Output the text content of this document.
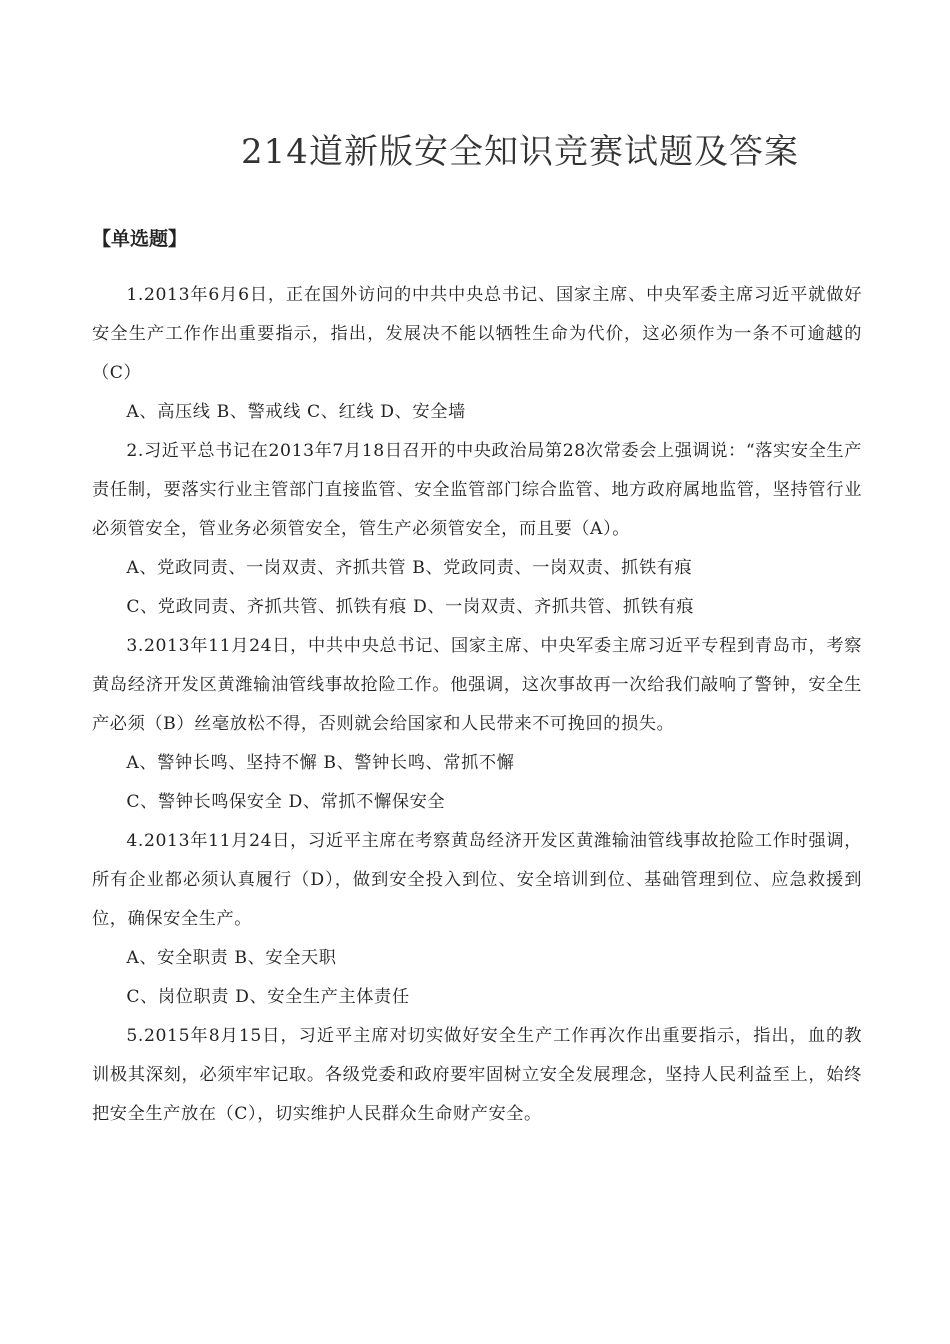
214道新版安全知识竞赛试题及答案
【单选题】

1.2013年6月6日，正在国外访问的中共中央总书记、国家主席、中央军委主席习近平就做好安全生产工作作出重要指示，指出，发展决不能以牺牲生命为代价，这必须作为一条不可逾越的（C）

A、高压线 B、警戒线 C、红线 D、安全墙

2.习近平总书记在2013年7月18日召开的中央政治局第28次常委会上强调说：“落实安全生产责任制，要落实行业主管部门直接监管、安全监管部门综合监管、地方政府属地监管，坚持管行业必须管安全，管业务必须管安全，管生产必须管安全，而且要（A）。

A、党政同责、一岗双责、齐抓共管 B、党政同责、一岗双责、抓铁有痕

C、党政同责、齐抓共管、抓铁有痕 D、一岗双责、齐抓共管、抓铁有痕

3.2013年11月24日，中共中央总书记、国家主席、中央军委主席习近平专程到青岛市，考察黄岛经济开发区黄潍输油管线事故抢险工作。他强调，这次事故再一次给我们敲响了警钟，安全生产必须（B）丝毫放松不得，否则就会给国家和人民带来不可挽回的损失。

A、警钟长鸣、坚持不懈 B、警钟长鸣、常抓不懈

C、警钟长鸣保安全 D、常抓不懈保安全

4.2013年11月24日，习近平主席在考察黄岛经济开发区黄潍输油管线事故抢险工作时强调，所有企业都必须认真履行（D），做到安全投入到位、安全培训到位、基础管理到位、应急救援到位，确保安全生产。

A、安全职责 B、安全天职

C、岗位职责 D、安全生产主体责任

5.2015年8月15日，习近平主席对切实做好安全生产工作再次作出重要指示，指出，血的教训极其深刻，必须牢牢记取。各级党委和政府要牢固树立安全发展理念，坚持人民利益至上，始终把安全生产放在（C），切实维护人民群众生命财产安全。
